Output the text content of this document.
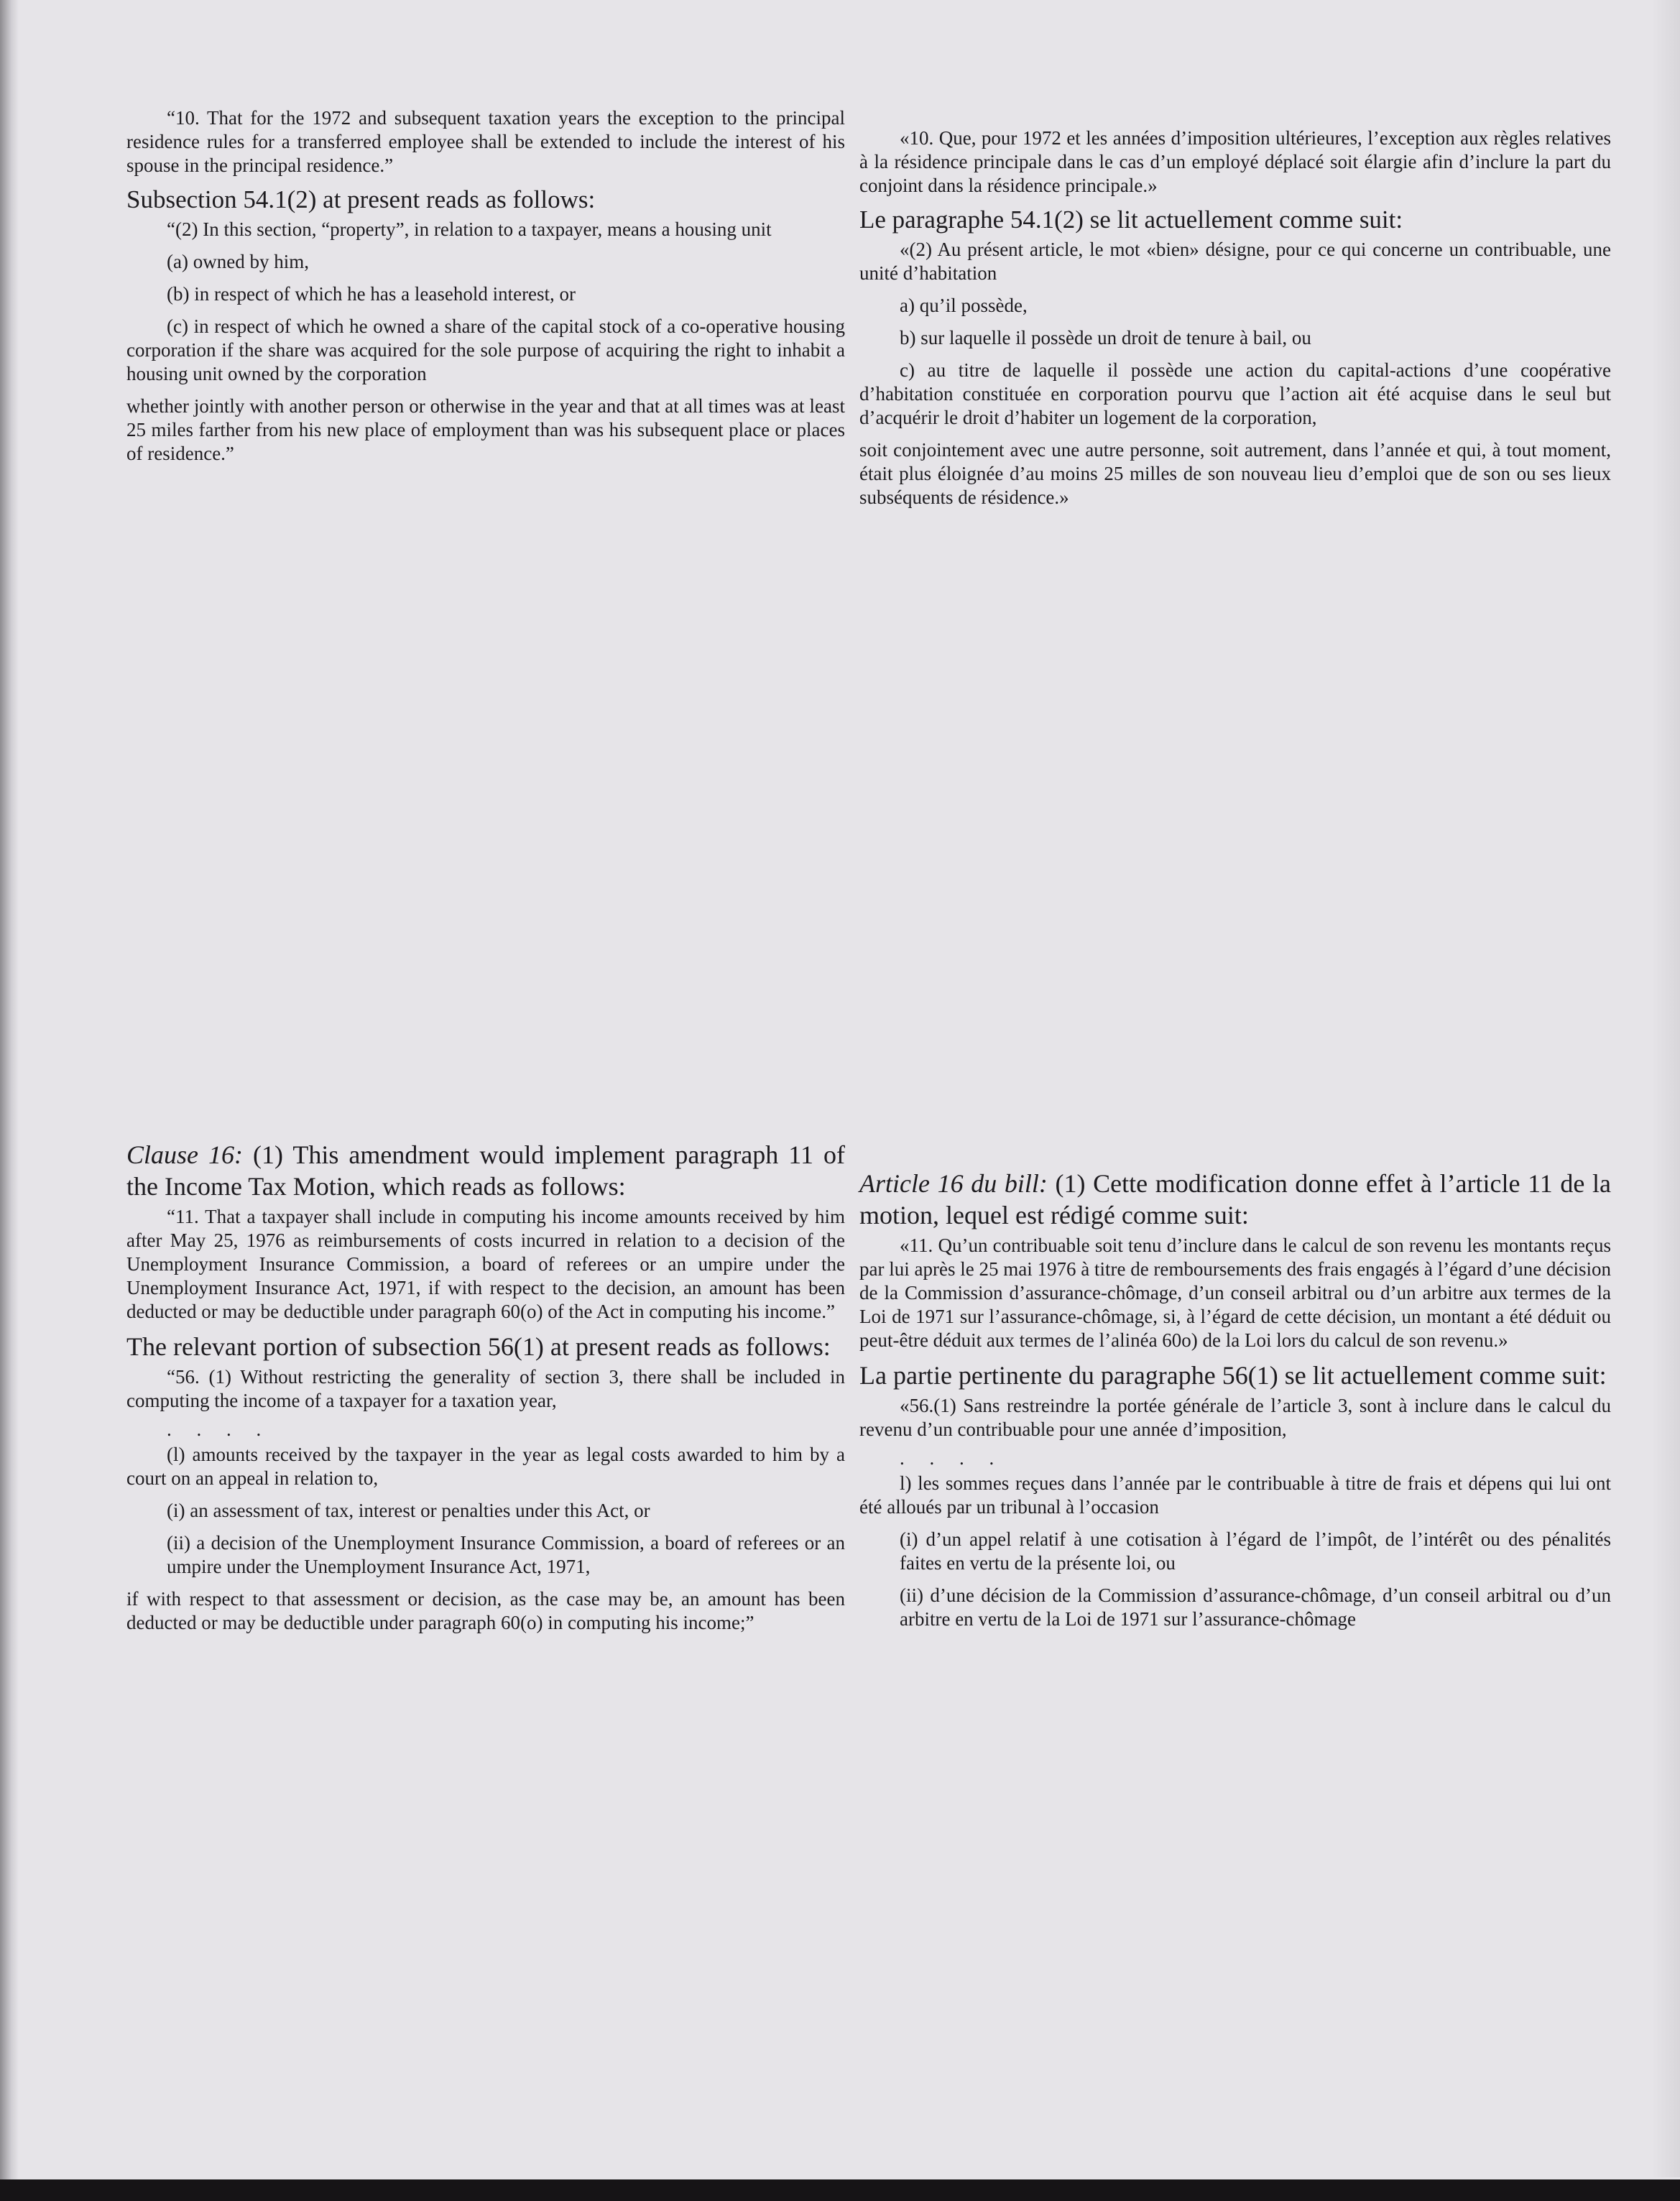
“10. That for the 1972 and subsequent taxation years the exception to the principal residence rules for a transferred employee shall be extended to include the interest of his spouse in the principal residence.”

Subsection 54.1(2) at present reads as follows:

“(2) In this section, “property”, in relation to a taxpayer, means a housing unit

(a) owned by him,

(b) in respect of which he has a leasehold interest, or

(c) in respect of which he owned a share of the capital stock of a co-operative housing corporation if the share was acquired for the sole purpose of acquiring the right to inhabit a housing unit owned by the corporation

whether jointly with another person or otherwise in the year and that at all times was at least 25 miles farther from his new place of employment than was his subsequent place or places of residence.”

«10. Que, pour 1972 et les années d’imposition ultérieures, l’exception aux règles relatives à la résidence principale dans le cas d’un employé déplacé soit élargie afin d’inclure la part du conjoint dans la résidence principale.»

Le paragraphe 54.1(2) se lit actuellement comme suit:

«(2) Au présent article, le mot «bien» désigne, pour ce qui concerne un contribuable, une unité d’habitation

a) qu’il possède,

b) sur laquelle il possède un droit de tenure à bail, ou

c) au titre de laquelle il possède une action du capital-actions d’une coopérative d’habitation constituée en corporation pourvu que l’action ait été acquise dans le seul but d’acquérir le droit d’habiter un logement de la corporation,

soit conjointement avec une autre personne, soit autrement, dans l’année et qui, à tout moment, était plus éloignée d’au moins 25 milles de son nouveau lieu d’emploi que de son ou ses lieux subséquents de résidence.»

Clause 16: (1) This amendment would implement paragraph 11 of the Income Tax Motion, which reads as follows:

“11. That a taxpayer shall include in computing his income amounts received by him after May 25, 1976 as reimbursements of costs incurred in relation to a decision of the Unemployment Insurance Commission, a board of referees or an umpire under the Unemployment Insurance Act, 1971, if with respect to the decision, an amount has been deducted or may be deductible under paragraph 60(o) of the Act in computing his income.”

The relevant portion of subsection 56(1) at present reads as follows:

“56. (1) Without restricting the generality of section 3, there shall be included in computing the income of a taxpayer for a taxation year,

. . . .

(l) amounts received by the taxpayer in the year as legal costs awarded to him by a court on an appeal in relation to,

(i) an assessment of tax, interest or penalties under this Act, or

(ii) a decision of the Unemployment Insurance Commission, a board of referees or an umpire under the Unemployment Insurance Act, 1971,

if with respect to that assessment or decision, as the case may be, an amount has been deducted or may be deductible under paragraph 60(o) in computing his income;”

Article 16 du bill: (1) Cette modification donne effet à l’article 11 de la motion, lequel est rédigé comme suit:

«11. Qu’un contribuable soit tenu d’inclure dans le calcul de son revenu les montants reçus par lui après le 25 mai 1976 à titre de remboursements des frais engagés à l’égard d’une décision de la Commission d’assurance-chômage, d’un conseil arbitral ou d’un arbitre aux termes de la Loi de 1971 sur l’assurance-chômage, si, à l’égard de cette décision, un montant a été déduit ou peut-être déduit aux termes de l’alinéa 60o) de la Loi lors du calcul de son revenu.»

La partie pertinente du paragraphe 56(1) se lit actuellement comme suit:

«56.(1) Sans restreindre la portée générale de l’article 3, sont à inclure dans le calcul du revenu d’un contribuable pour une année d’imposition,

. . . .

l) les sommes reçues dans l’année par le contribuable à titre de frais et dépens qui lui ont été alloués par un tribunal à l’occasion

(i) d’un appel relatif à une cotisation à l’égard de l’impôt, de l’intérêt ou des pénalités faites en vertu de la présente loi, ou

(ii) d’une décision de la Commission d’assurance-chômage, d’un conseil arbitral ou d’un arbitre en vertu de la Loi de 1971 sur l’assurance-chômage
